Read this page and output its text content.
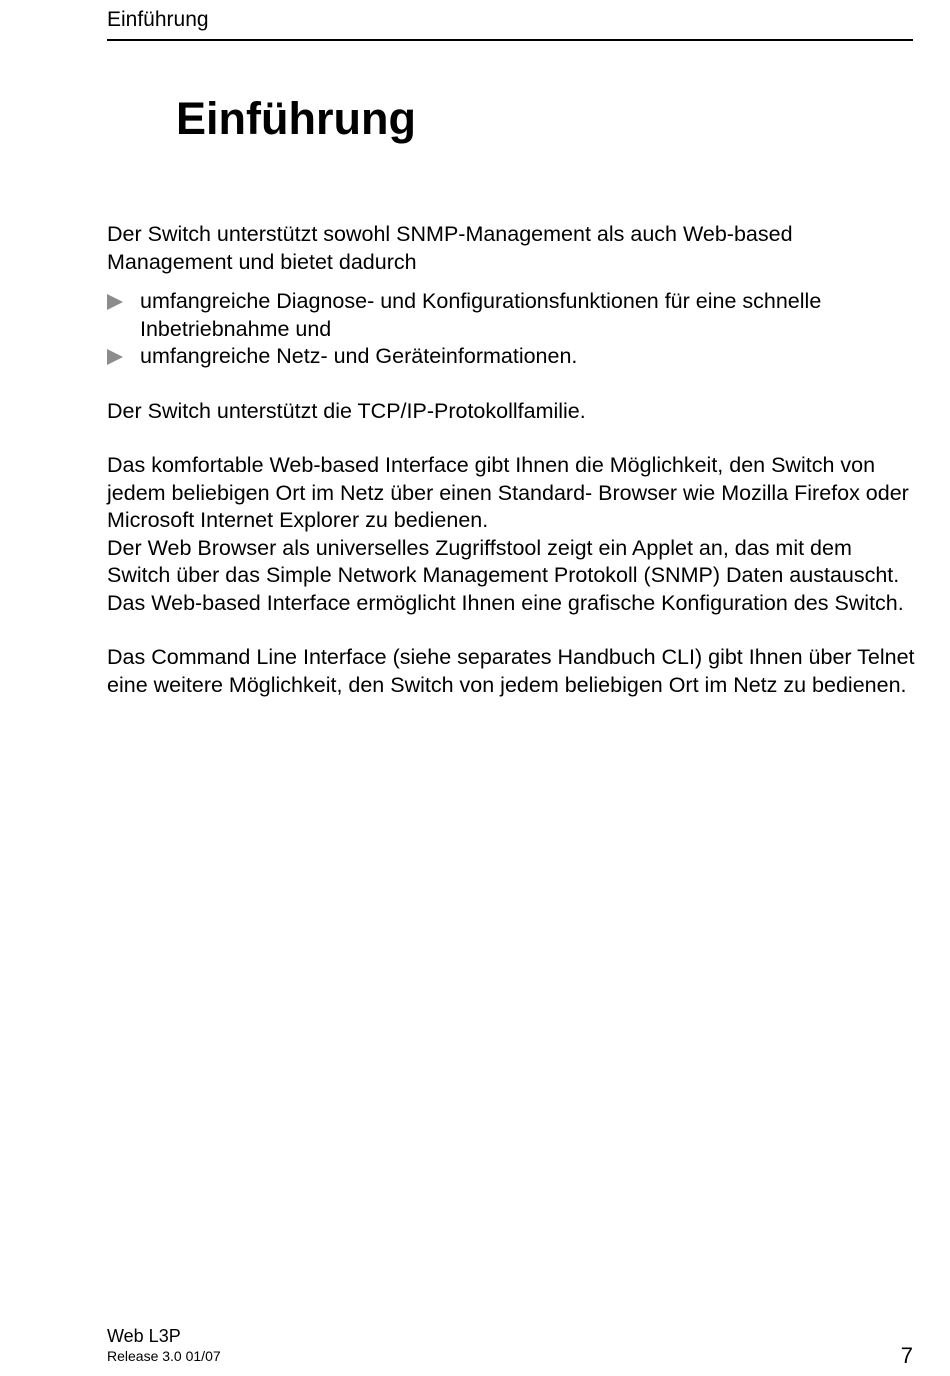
Einführung
Einführung

Der Switch unterstützt sowohl SNMP-Management als auch Web-based Management und bietet dadurch

umfangreiche Diagnose- und Konfigurationsfunktionen für eine schnelle Inbetriebnahme und
umfangreiche Netz- und Geräteinformationen.

Der Switch unterstützt die TCP/IP-Protokollfamilie.

Das komfortable Web-based Interface gibt Ihnen die Möglichkeit, den Switch von jedem beliebigen Ort im Netz über einen Standard- Browser wie Mozilla Firefox oder Microsoft Internet Explorer zu bedienen.

Der Web Browser als universelles Zugriffstool zeigt ein Applet an, das mit dem Switch über das Simple Network Management Protokoll (SNMP) Daten austauscht.

Das Web-based Interface ermöglicht Ihnen eine grafische Konfiguration des Switch.

Das Command Line Interface (siehe separates Handbuch CLI) gibt Ihnen über Telnet eine weitere Möglichkeit, den Switch von jedem beliebigen Ort im Netz zu bedienen.

Web L3P
Release 3.0 01/07	7
